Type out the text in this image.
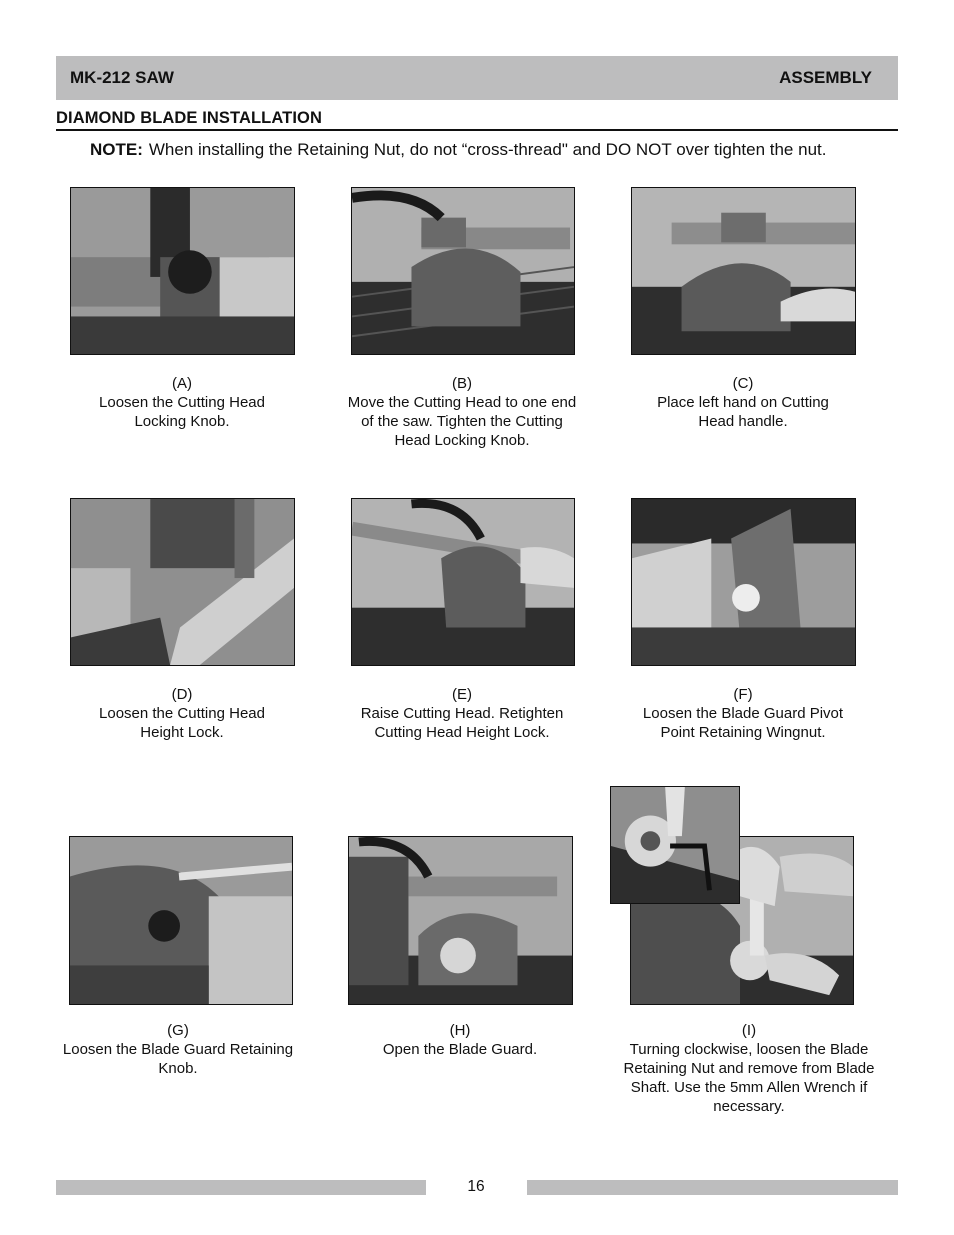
MK-212 SAW	ASSEMBLY
DIAMOND BLADE INSTALLATION
NOTE: When installing the Retaining Nut, do not “cross-thread" and DO NOT over tighten the nut.
(A)
Loosen the Cutting Head
Locking Knob.
(B)
Move the Cutting Head to one end
of the saw. Tighten the Cutting
Head Locking Knob.
(C)
Place left hand on Cutting
Head handle.
(D)
Loosen the Cutting Head
Height Lock.
(E)
Raise Cutting Head. Retighten
Cutting Head Height Lock.
(F)
Loosen the Blade Guard Pivot
Point Retaining Wingnut.
(G)
Loosen the Blade Guard Retaining
Knob.
(H)
Open the Blade Guard.
(I)
Turning clockwise, loosen the Blade
Retaining Nut and remove from Blade
Shaft. Use the 5mm Allen Wrench if
necessary.
16
